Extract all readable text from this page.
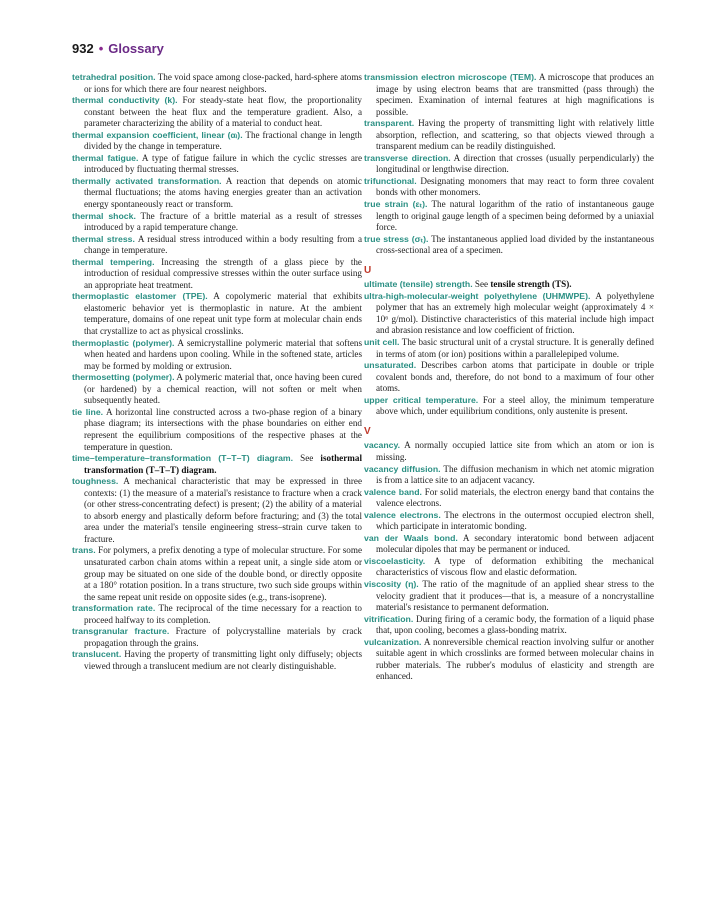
932 • Glossary

tetrahedral position. The void space among close-packed, hard-sphere atoms or ions for which there are four nearest neighbors.

thermal conductivity (k). For steady-state heat flow, the proportionality constant between the heat flux and the temperature gradient. Also, a parameter characterizing the ability of a material to conduct heat.

thermal expansion coefficient, linear (αₗ). The fractional change in length divided by the change in temperature.

thermal fatigue. A type of fatigue failure in which the cyclic stresses are introduced by fluctuating thermal stresses.

thermally activated transformation. A reaction that depends on atomic thermal fluctuations; the atoms having energies greater than an activation energy spontaneously react or transform.

thermal shock. The fracture of a brittle material as a result of stresses introduced by a rapid temperature change.

thermal stress. A residual stress introduced within a body resulting from a change in temperature.

thermal tempering. Increasing the strength of a glass piece by the introduction of residual compressive stresses within the outer surface using an appropriate heat treatment.

thermoplastic elastomer (TPE). A copolymeric material that exhibits elastomeric behavior yet is thermoplastic in nature. At the ambient temperature, domains of one repeat unit type form at molecular chain ends that crystallize to act as physical crosslinks.

thermoplastic (polymer). A semicrystalline polymeric material that softens when heated and hardens upon cooling. While in the softened state, articles may be formed by molding or extrusion.

thermosetting (polymer). A polymeric material that, once having been cured (or hardened) by a chemical reaction, will not soften or melt when subsequently heated.

tie line. A horizontal line constructed across a two-phase region of a binary phase diagram; its intersections with the phase boundaries on either end represent the equilibrium compositions of the respective phases at the temperature in question.

time–temperature–transformation (T–T–T) diagram. See isothermal transformation (T–T–T) diagram.

toughness. A mechanical characteristic that may be expressed in three contexts: (1) the measure of a material's resistance to fracture when a crack (or other stress-concentrating defect) is present; (2) the ability of a material to absorb energy and plastically deform before fracturing; and (3) the total area under the material's tensile engineering stress–strain curve taken to fracture.

trans. For polymers, a prefix denoting a type of molecular structure. For some unsaturated carbon chain atoms within a repeat unit, a single side atom or group may be situated on one side of the double bond, or directly opposite at a 180° rotation position. In a trans structure, two such side groups within the same repeat unit reside on opposite sides (e.g., trans-isoprene).

transformation rate. The reciprocal of the time necessary for a reaction to proceed halfway to its completion.

transgranular fracture. Fracture of polycrystalline materials by crack propagation through the grains.

translucent. Having the property of transmitting light only diffusely; objects viewed through a translucent medium are not clearly distinguishable.

transmission electron microscope (TEM). A microscope that produces an image by using electron beams that are transmitted (pass through) the specimen. Examination of internal features at high magnifications is possible.

transparent. Having the property of transmitting light with relatively little absorption, reflection, and scattering, so that objects viewed through a transparent medium can be readily distinguished.

transverse direction. A direction that crosses (usually perpendicularly) the longitudinal or lengthwise direction.

trifunctional. Designating monomers that may react to form three covalent bonds with other monomers.

true strain (εₜ). The natural logarithm of the ratio of instantaneous gauge length to original gauge length of a specimen being deformed by a uniaxial force.

true stress (σₜ). The instantaneous applied load divided by the instantaneous cross-sectional area of a specimen.

U

ultimate (tensile) strength. See tensile strength (TS).

ultra-high-molecular-weight polyethylene (UHMWPE). A polyethylene polymer that has an extremely high molecular weight (approximately 4 × 10⁶ g/mol). Distinctive characteristics of this material include high impact and abrasion resistance and low coefficient of friction.

unit cell. The basic structural unit of a crystal structure. It is generally defined in terms of atom (or ion) positions within a parallelepiped volume.

unsaturated. Describes carbon atoms that participate in double or triple covalent bonds and, therefore, do not bond to a maximum of four other atoms.

upper critical temperature. For a steel alloy, the minimum temperature above which, under equilibrium conditions, only austenite is present.

V

vacancy. A normally occupied lattice site from which an atom or ion is missing.

vacancy diffusion. The diffusion mechanism in which net atomic migration is from a lattice site to an adjacent vacancy.

valence band. For solid materials, the electron energy band that contains the valence electrons.

valence electrons. The electrons in the outermost occupied electron shell, which participate in interatomic bonding.

van der Waals bond. A secondary interatomic bond between adjacent molecular dipoles that may be permanent or induced.

viscoelasticity. A type of deformation exhibiting the mechanical characteristics of viscous flow and elastic deformation.

viscosity (η). The ratio of the magnitude of an applied shear stress to the velocity gradient that it produces—that is, a measure of a noncrystalline material's resistance to permanent deformation.

vitrification. During firing of a ceramic body, the formation of a liquid phase that, upon cooling, becomes a glass-bonding matrix.

vulcanization. A nonreversible chemical reaction involving sulfur or another suitable agent in which crosslinks are formed between molecular chains in rubber materials. The rubber's modulus of elasticity and strength are enhanced.
